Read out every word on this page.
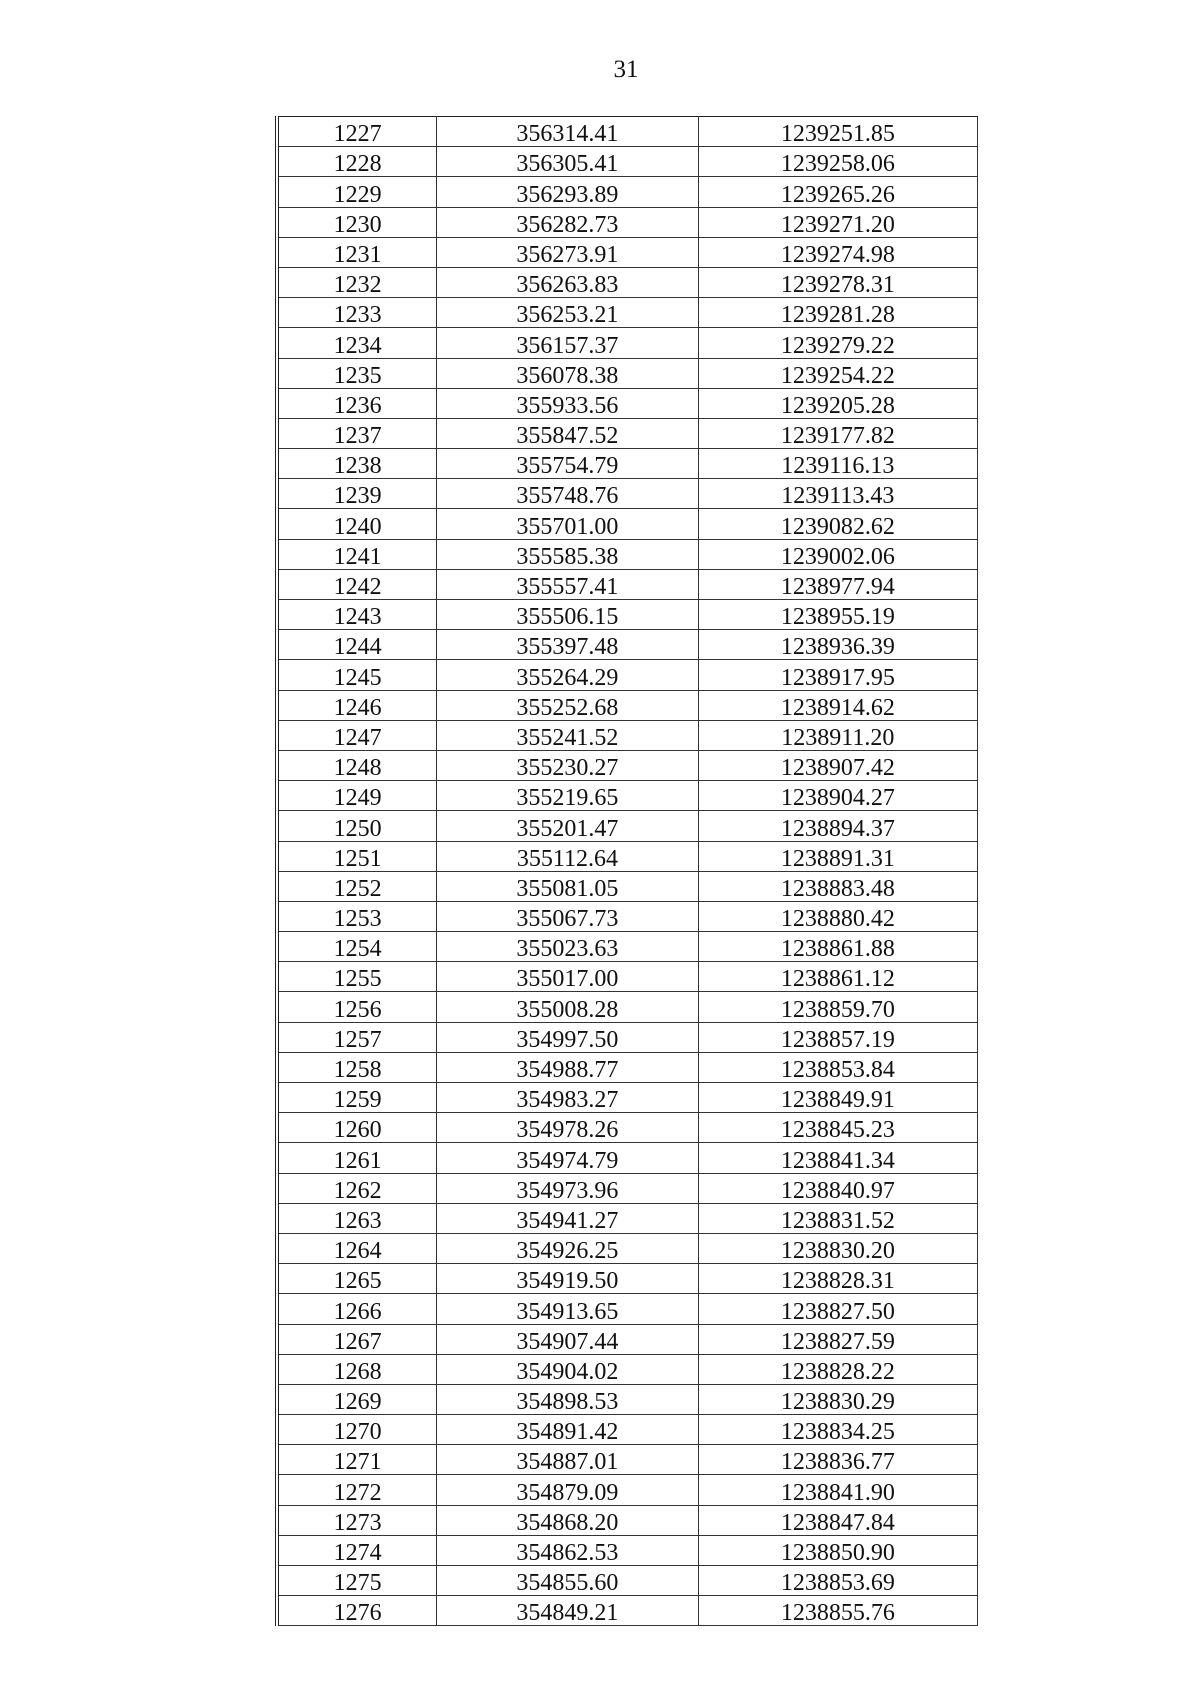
31
1227	356314.41	1239251.85
1228	356305.41	1239258.06
1229	356293.89	1239265.26
1230	356282.73	1239271.20
1231	356273.91	1239274.98
1232	356263.83	1239278.31
1233	356253.21	1239281.28
1234	356157.37	1239279.22
1235	356078.38	1239254.22
1236	355933.56	1239205.28
1237	355847.52	1239177.82
1238	355754.79	1239116.13
1239	355748.76	1239113.43
1240	355701.00	1239082.62
1241	355585.38	1239002.06
1242	355557.41	1238977.94
1243	355506.15	1238955.19
1244	355397.48	1238936.39
1245	355264.29	1238917.95
1246	355252.68	1238914.62
1247	355241.52	1238911.20
1248	355230.27	1238907.42
1249	355219.65	1238904.27
1250	355201.47	1238894.37
1251	355112.64	1238891.31
1252	355081.05	1238883.48
1253	355067.73	1238880.42
1254	355023.63	1238861.88
1255	355017.00	1238861.12
1256	355008.28	1238859.70
1257	354997.50	1238857.19
1258	354988.77	1238853.84
1259	354983.27	1238849.91
1260	354978.26	1238845.23
1261	354974.79	1238841.34
1262	354973.96	1238840.97
1263	354941.27	1238831.52
1264	354926.25	1238830.20
1265	354919.50	1238828.31
1266	354913.65	1238827.50
1267	354907.44	1238827.59
1268	354904.02	1238828.22
1269	354898.53	1238830.29
1270	354891.42	1238834.25
1271	354887.01	1238836.77
1272	354879.09	1238841.90
1273	354868.20	1238847.84
1274	354862.53	1238850.90
1275	354855.60	1238853.69
1276	354849.21	1238855.76
